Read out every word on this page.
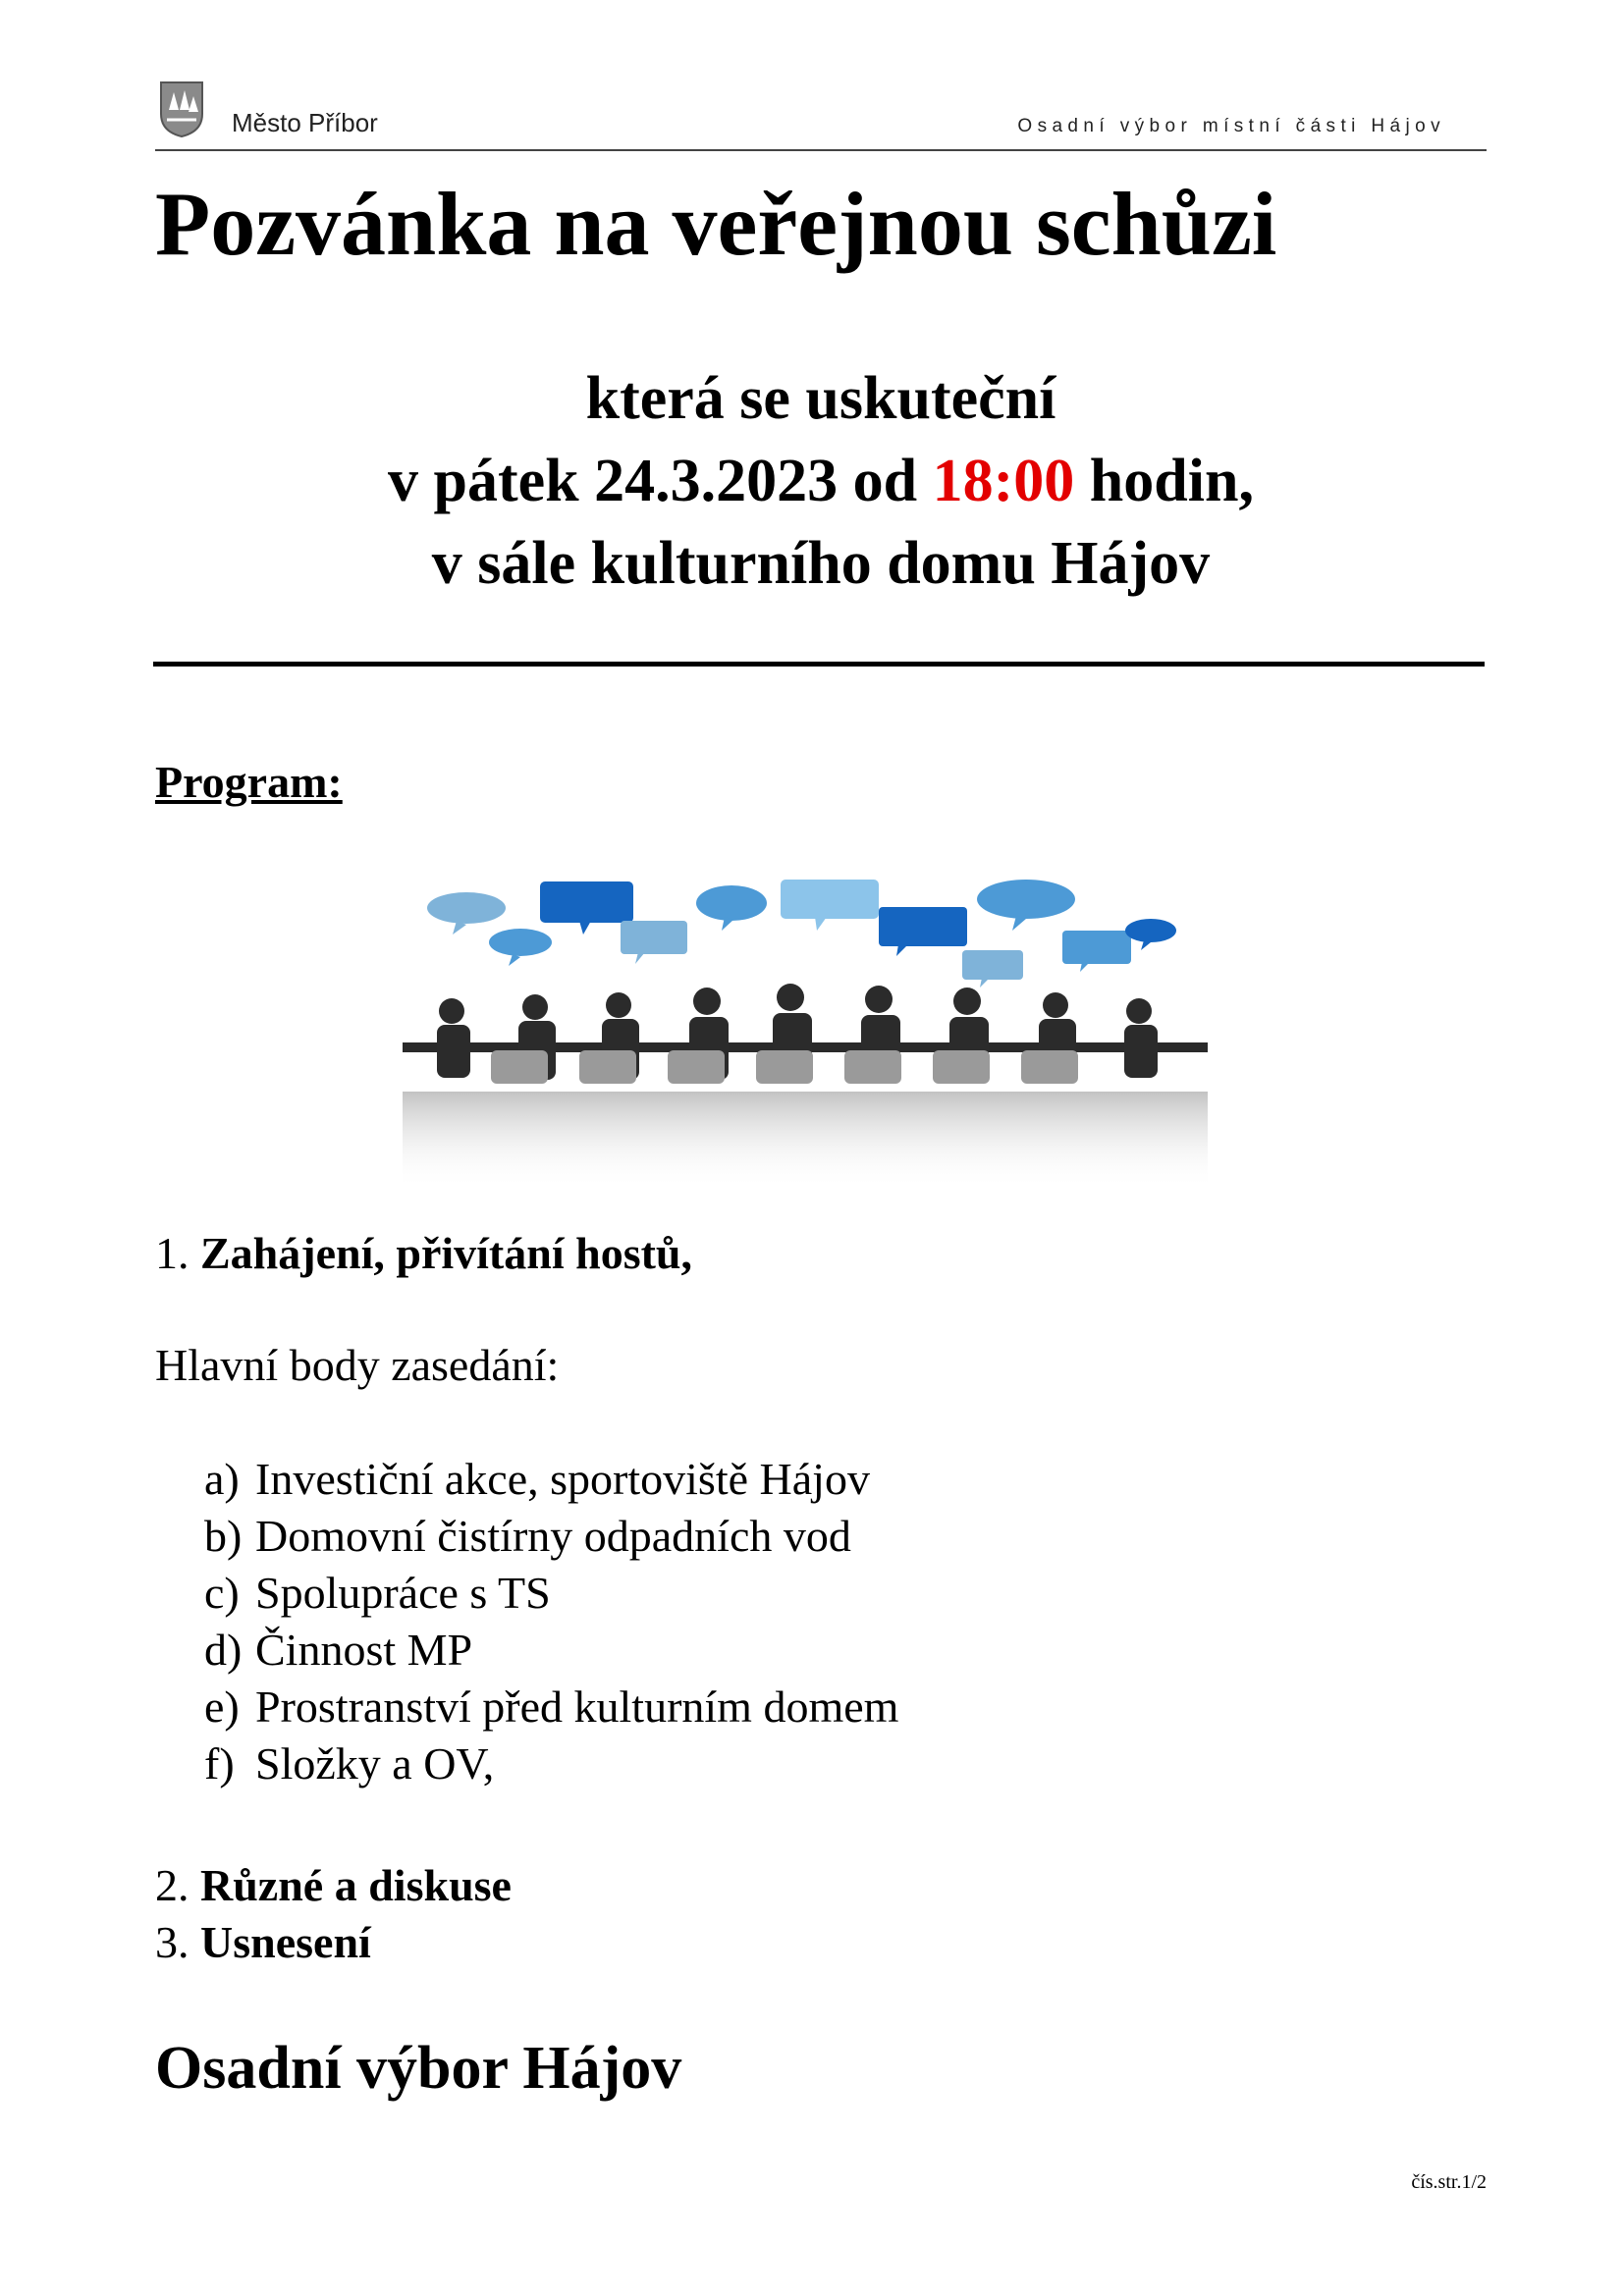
Město Příbor	Osadní výbor místní části Hájov
Pozvánka na veřejnou schůzi
která se uskuteční
v pátek 24.3.2023 od 18:00 hodin,
v sále kulturního domu Hájov
Program:
1. Zahájení, přivítání hostů,
Hlavní body zasedání:
a) Investiční akce, sportoviště Hájov
b) Domovní čistírny odpadních vod
c) Spolupráce s TS
d) Činnost MP
e) Prostranství před kulturním domem
f) Složky a OV,
2. Různé a diskuse
3. Usnesení
Osadní výbor Hájov
čís.str.1/2
